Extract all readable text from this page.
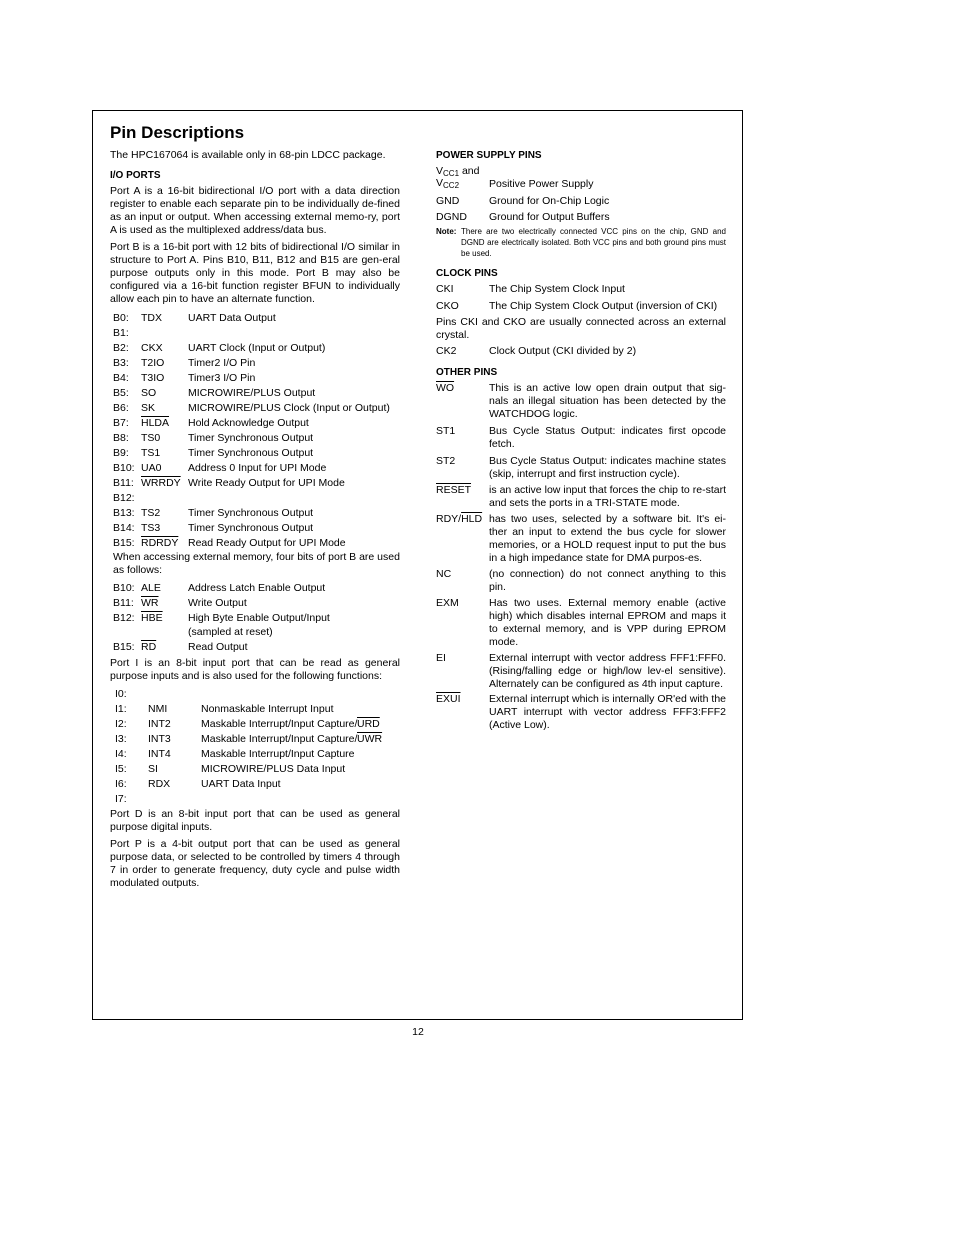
Pin Descriptions

The HPC167064 is available only in 68-pin LDCC package.

I/O PORTS

Port A is a 16-bit bidirectional I/O port with a data direction register to enable each separate pin to be individually de-fined as an input or output. When accessing external memo-ry, port A is used as the multiplexed address/data bus.

Port B is a 16-bit port with 12 bits of bidirectional I/O similar in structure to Port A. Pins B10, B11, B12 and B15 are gen-eral purpose outputs only in this mode. Port B may also be configured via a 16-bit function register BFUN to individually allow each pin to have an alternate function.

B0: TDX UART Data Output
B1:
B2: CKX UART Clock (Input or Output)
B3: T2IO Timer2 I/O Pin
B4: T3IO Timer3 I/O Pin
B5: SO	MICROWIRE/PLUS Output
B6: SK	MICROWIRE/PLUS Clock (Input or Output)
B7: HLDA Hold Acknowledge Output
B8: TS0	Timer Synchronous Output
B9: TS1	Timer Synchronous Output
B10: UA0	Address 0 Input for UPI Mode
B11: WRRDY Write Ready Output for UPI Mode
B12:
B13: TS2	Timer Synchronous Output
B14: TS3	Timer Synchronous Output
B15: RDRDY Read Ready Output for UPI Mode

When accessing external memory, four bits of port B are used as follows:

B10: ALE	Address Latch Enable Output
B11: $\overline{WR}$	Write Output
B12: $\overline{HBE}$ High Byte Enable Output/Input
(sampled at reset)
B15: $\overline{RD}$	Read Output

Port I is an 8-bit input port that can be read as general purpose inputs and is also used for the following functions:

I0:
I1: NMI	Nonmaskable Interrupt Input
I2: INT2	Maskable Interrupt/Input Capture/ $\overline{URD}$
I3: INT3	Maskable Interrupt/Input Capture/ $\overline{UWR}$
I4: INT4	Maskable Interrupt/Input Capture
I5: SI	MICROWIRE/PLUS Data Input
I6: RDX	UART Data Input
I7:

Port D is an 8-bit input port that can be used as general purpose digital inputs.

Port P is a 4-bit output port that can be used as general purpose data, or selected to be controlled by timers 4 through 7 in order to generate frequency, duty cycle and pulse width modulated outputs.

POWER SUPPLY PINS

$V_{CC1}$ and
$V_{CC2}$	Positive Power Supply
GND	Ground for On-Chip Logic
DGND Ground for Output Buffers
Note: There are two electrically connected VCC pins on the chip, GND and DGND are electrically isolated. Both VCC pins and both ground pins must be used.

CLOCK PINS

CKI	The Chip System Clock Input
CKO	The Chip System Clock Output (inversion of CKI)

Pins CKI and CKO are usually connected across an external crystal.

CK2	Clock Output (CKI divided by 2)

OTHER PINS

$\overline{WO}$	This is an active low open drain output that sig-nals an illegal situation has been detected by the WATCHDOG logic.
ST1	Bus Cycle Status Output: indicates first opcode fetch.
ST2	Bus Cycle Status Output: indicates machine states (skip, interrupt and first instruction cycle).
RESET is an active low input that forces the chip to re-start and sets the ports in a TRI-STATE mode.
RDY/$\overline{HLD}$ has two uses, selected by a software bit. It's ei-ther an input to extend the bus cycle for slower memories, or a HOLD request input to put the bus in a high impedance state for DMA purpos-es.
NC	(no connection) do not connect anything to this pin.
EXM	Has two uses. External memory enable (active high) which disables internal EPROM and maps it to external memory, and is VPP during EPROM mode.
EI	External interrupt with vector address FFF1:FFF0. (Rising/falling edge or high/low lev-el sensitive). Alternately can be configured as 4th input capture.
EXUI	External interrupt which is internally OR'ed with the UART interrupt with vector address FFF3:FFF2 (Active Low).
12
